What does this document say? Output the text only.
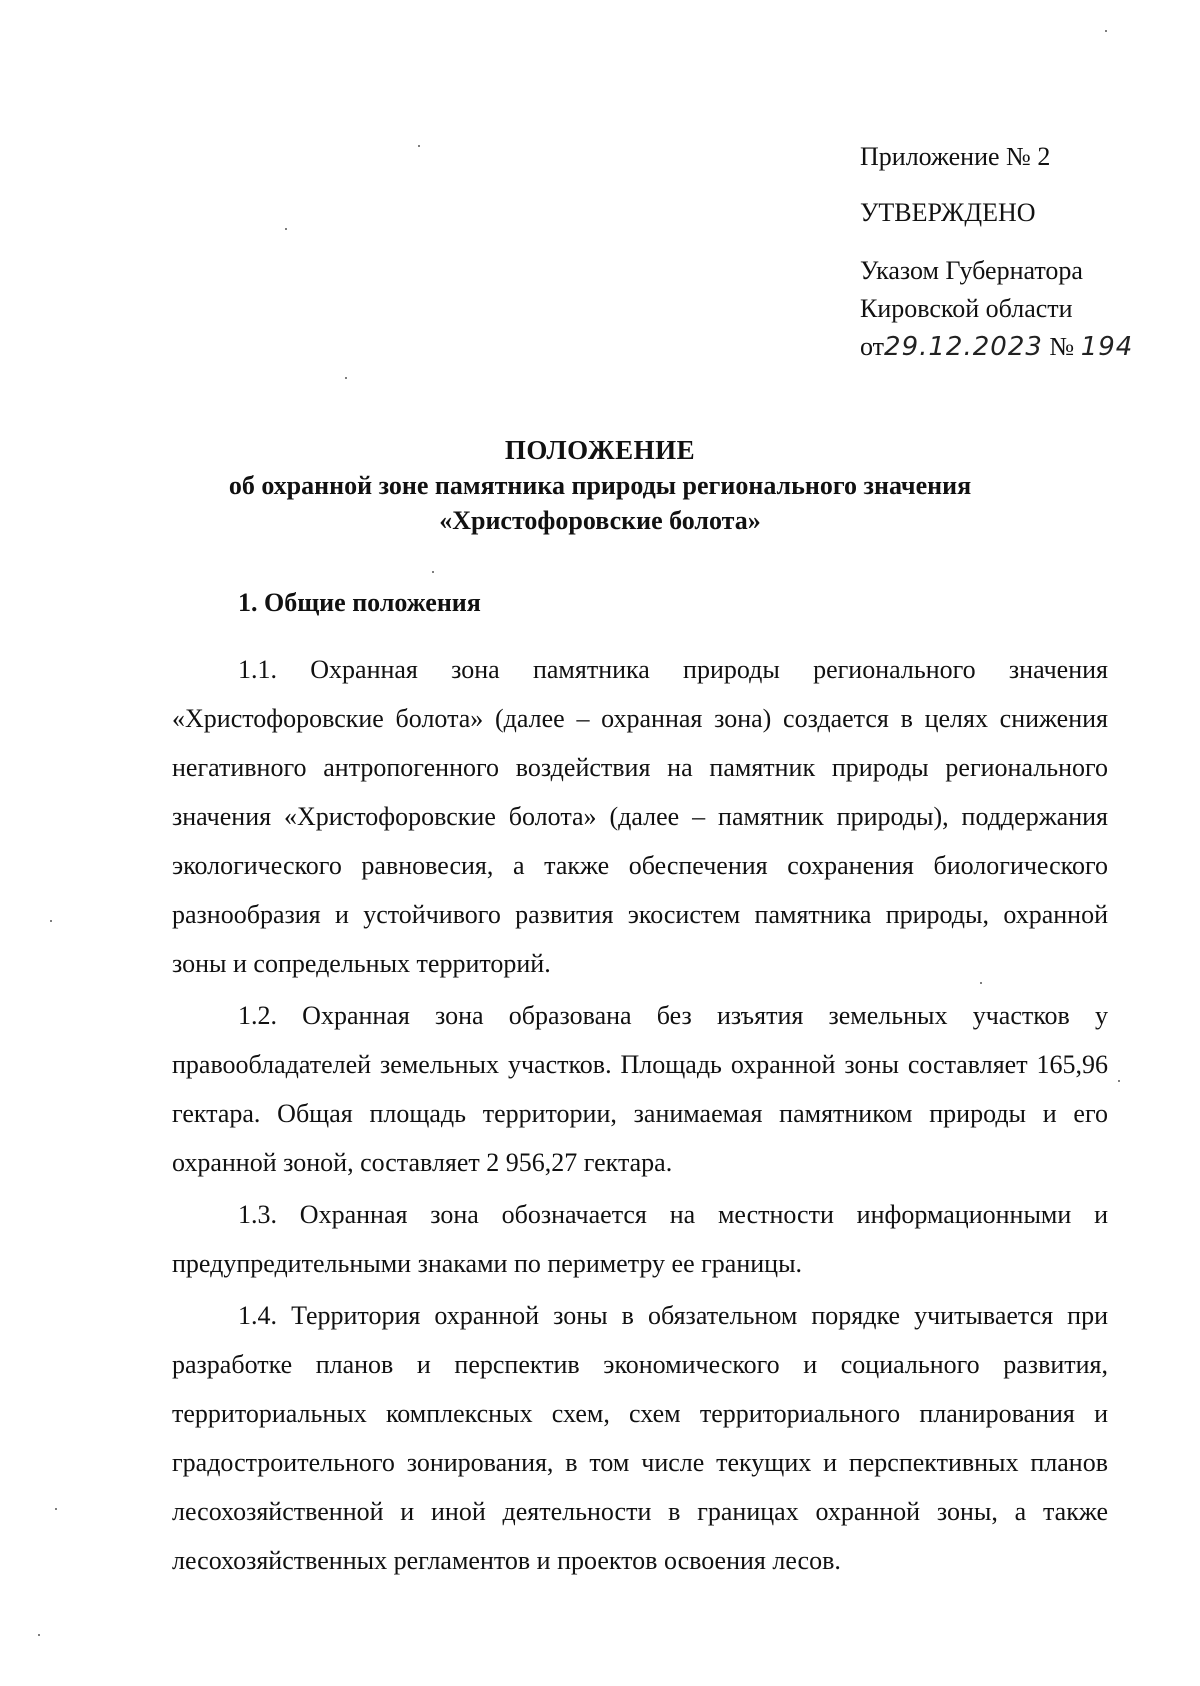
Приложение № 2
УТВЕРЖДЕНО
Указом Губернатора
Кировской области
от29.12.2023 № 194
ПОЛОЖЕНИЕ
об охранной зоне памятника природы регионального значения
«Христофоровские болота»
1. Общие положения

1.1. Охранная зона памятника природы регионального значения «Христофоровские болота» (далее – охранная зона) создается в целях снижения негативного антропогенного воздействия на памятник природы регионального значения «Христофоровские болота» (далее – памятник природы), поддержания экологического равновесия, а также обеспечения сохранения биологического разнообразия и устойчивого развития экосистем памятника природы, охранной зоны и сопредельных территорий.

1.2. Охранная зона образована без изъятия земельных участков у правообладателей земельных участков. Площадь охранной зоны составляет 165,96 гектара. Общая площадь территории, занимаемая памятником природы и его охранной зоной, составляет 2 956,27 гектара.

1.3. Охранная зона обозначается на местности информационными и предупредительными знаками по периметру ее границы.

1.4. Территория охранной зоны в обязательном порядке учитывается при разработке планов и перспектив экономического и социального развития, территориальных комплексных схем, схем территориального планирования и градостроительного зонирования, в том числе текущих и перспективных планов лесохозяйственной и иной деятельности в границах охранной зоны, а также лесохозяйственных регламентов и проектов освоения лесов.
